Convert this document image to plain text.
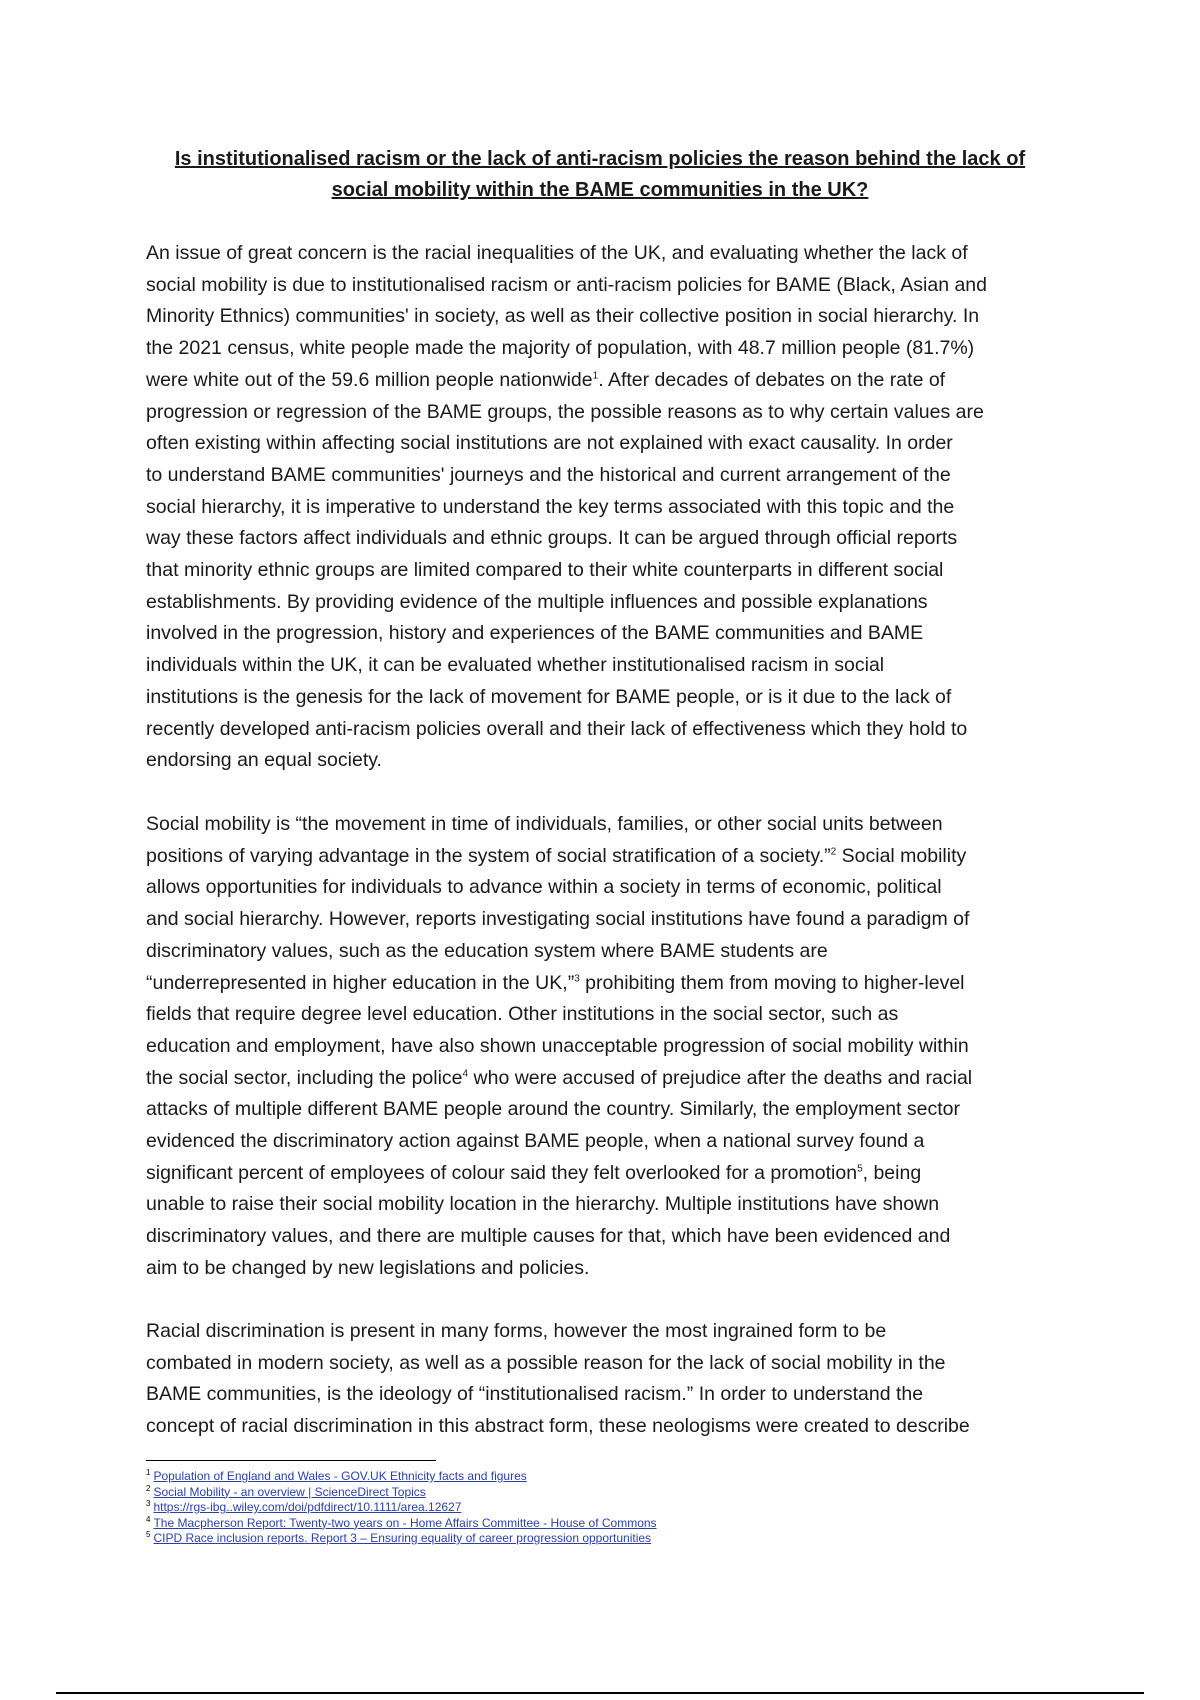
Is institutionalised racism or the lack of anti-racism policies the reason behind the lack of
social mobility within the BAME communities in the UK?
An issue of great concern is the racial inequalities of the UK, and evaluating whether the lack of
social mobility is due to institutionalised racism or anti-racism policies for BAME (Black, Asian and
Minority Ethnics) communities' in society, as well as their collective position in social hierarchy. In
the 2021 census, white people made the majority of population, with 48.7 million people (81.7%)
were white out of the 59.6 million people nationwide$^1$. After decades of debates on the rate of
progression or regression of the BAME groups, the possible reasons as to why certain values are
often existing within affecting social institutions are not explained with exact causality. In order
to understand BAME communities' journeys and the historical and current arrangement of the
social hierarchy, it is imperative to understand the key terms associated with this topic and the
way these factors affect individuals and ethnic groups. It can be argued through official reports
that minority ethnic groups are limited compared to their white counterparts in different social
establishments. By providing evidence of the multiple influences and possible explanations
involved in the progression, history and experiences of the BAME communities and BAME
individuals within the UK, it can be evaluated whether institutionalised racism in social
institutions is the genesis for the lack of movement for BAME people, or is it due to the lack of
recently developed anti-racism policies overall and their lack of effectiveness which they hold to
endorsing an equal society.
Social mobility is “the movement in time of individuals, families, or other social units between
positions of varying advantage in the system of social stratification of a society.”$^2$ Social mobility
allows opportunities for individuals to advance within a society in terms of economic, political
and social hierarchy. However, reports investigating social institutions have found a paradigm of
discriminatory values, such as the education system where BAME students are
“underrepresented in higher education in the UK,”$^3$ prohibiting them from moving to higher-level
fields that require degree level education. Other institutions in the social sector, such as
education and employment, have also shown unacceptable progression of social mobility within
the social sector, including the police$^4$ who were accused of prejudice after the deaths and racial
attacks of multiple different BAME people around the country. Similarly, the employment sector
evidenced the discriminatory action against BAME people, when a national survey found a
significant percent of employees of colour said they felt overlooked for a promotion$^5$, being
unable to raise their social mobility location in the hierarchy. Multiple institutions have shown
discriminatory values, and there are multiple causes for that, which have been evidenced and
aim to be changed by new legislations and policies.
Racial discrimination is present in many forms, however the most ingrained form to be
combated in modern society, as well as a possible reason for the lack of social mobility in the
BAME communities, is the ideology of “institutionalised racism.” In order to understand the
concept of racial discrimination in this abstract form, these neologisms were created to describe
$^1$ Population of England and Wales - GOV.UK Ethnicity facts and figures
$^2$ Social Mobility - an overview | ScienceDirect Topics
$^3$ https://rgs-ibg..wiley.com/doi/pdfdirect/10.1111/area.12627
$^4$ The Macpherson Report: Twenty-two years on - Home Affairs Committee - House of Commons
$^5$ CIPD Race inclusion reports. Report 3 – Ensuring equality of career progression opportunities
